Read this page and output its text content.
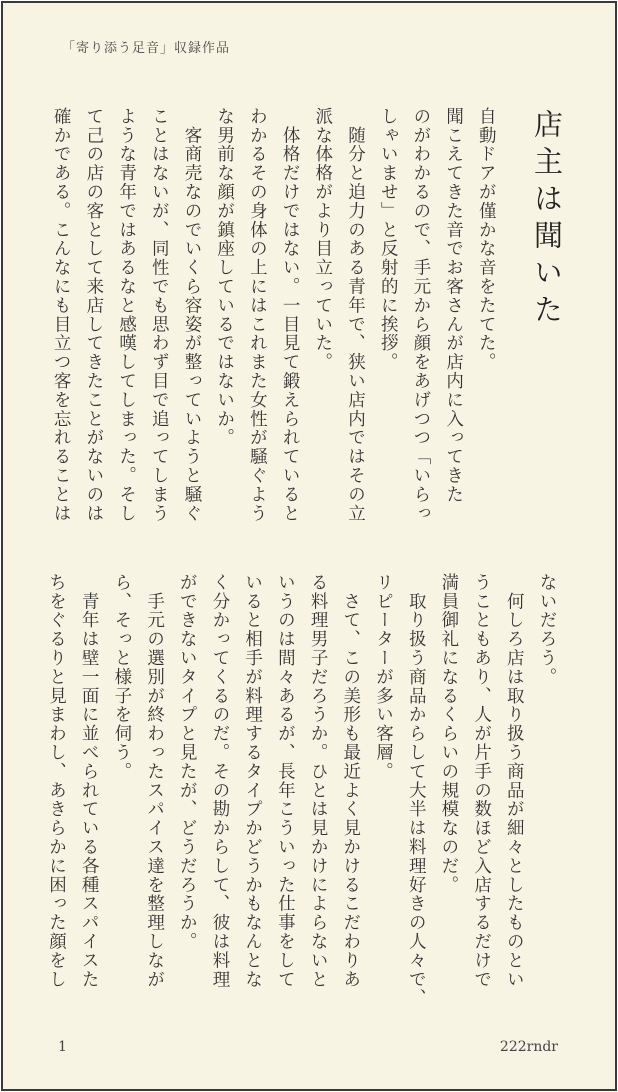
「寄り添う足音」収録作品
店主は聞いた
自動ドアが僅かな音をたてた。
聞こえてきた音でお客さんが店内に入ってきた
のがわかるので、手元から顔をあげつつ「いらっ
しゃいませ」と反射的に挨拶。
　随分と迫力のある青年で、狭い店内ではその立
派な体格がより目立っていた。
　体格だけではない。一目見て鍛えられていると
わかるその身体の上にはこれまた女性が騒ぐよう
な男前な顔が鎮座しているではないか。
　客商売なのでいくら容姿が整っていようと騒ぐ
ことはないが、同性でも思わず目で追ってしまう
ような青年ではあるなと感嘆してしまった。そし
て己の店の客として来店してきたことがないのは
確かである。こんなにも目立つ客を忘れることは
ないだろう。
　何しろ店は取り扱う商品が細々としたものとい
うこともあり、人が片手の数ほど入店するだけで
満員御礼になるくらいの規模なのだ。
　取り扱う商品からして大半は料理好きの人々で、
リピーターが多い客層。
　さて、この美形も最近よく見かけるこだわりあ
る料理男子だろうか。ひとは見かけによらないと
いうのは間々あるが、長年こういった仕事をして
いると相手が料理するタイプかどうかもなんとな
く分かってくるのだ。その勘からして、彼は料理
ができないタイプと見たが、どうだろうか。
　手元の選別が終わったスパイス達を整理しなが
ら、そっと様子を伺う。
　青年は壁一面に並べられている各種スパイスた
ちをぐるりと見まわし、あきらかに困った顔をし
1	222rndr
